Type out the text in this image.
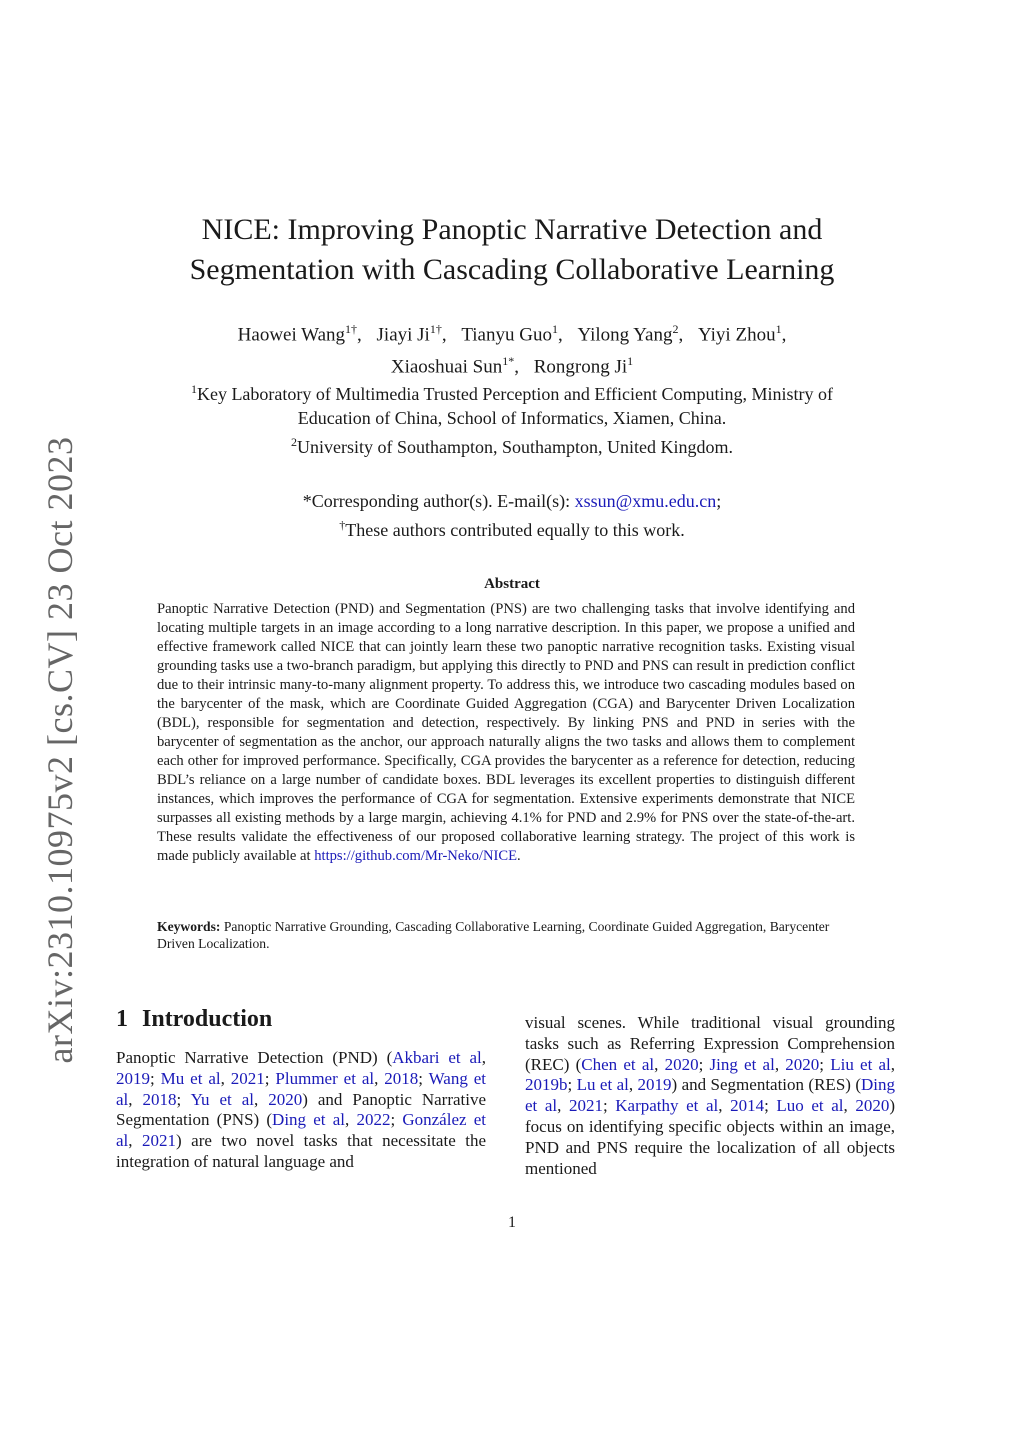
arXiv:2310.10975v2 [cs.CV] 23 Oct 2023
NICE: Improving Panoptic Narrative Detection and
Segmentation with Cascading Collaborative Learning
Haowei Wang$^{1\dagger}$, Jiayi $Ji^{1\dagger}$, Tianyu Guo$^1$, Yilong Yang$^2$, Yiyi Zhou$^1$,
Xiaoshuai Sun$^{1*}$, Rongrong Ji$^1$
$^1$Key Laboratory of Multimedia Trusted Perception and Efficient Computing, Ministry of
Education of China, School of Informatics, Xiamen, China.
$^2$University of Southampton, Southampton, United Kingdom.
*Corresponding author(s). E-mail(s): xssun@xmu.edu.cn;
†These authors contributed equally to this work.
Abstract
Panoptic Narrative Detection (PND) and Segmentation (PNS) are two challenging tasks that involve identifying and locating multiple targets in an image according to a long narrative description. In this paper, we propose a unified and effective framework called NICE that can jointly learn these two panoptic narrative recognition tasks. Existing visual grounding tasks use a two-branch paradigm, but applying this directly to PND and PNS can result in prediction conflict due to their intrinsic many-to-many alignment property. To address this, we introduce two cascading modules based on the barycenter of the mask, which are Coordinate Guided Aggregation (CGA) and Barycenter Driven Localization (BDL), responsible for segmentation and detection, respectively. By linking PNS and PND in series with the barycenter of segmentation as the anchor, our approach naturally aligns the two tasks and allows them to complement each other for improved performance. Specifically, CGA provides the barycenter as a reference for detection, reducing BDL’s reliance on a large number of candidate boxes. BDL leverages its excellent properties to distinguish different instances, which improves the performance of CGA for segmentation. Extensive experiments demonstrate that NICE surpasses all existing methods by a large margin, achieving 4.1% for PND and 2.9% for PNS over the state-of-the-art. These results validate the effectiveness of our proposed collaborative learning strategy. The project of this work is made publicly available at https://github.com/Mr-Neko/NICE.
Keywords: Panoptic Narrative Grounding, Cascading Collaborative Learning, Coordinate Guided Aggregation, Barycenter Driven Localization.
1 Introduction
Panoptic Narrative Detection (PND) (Akbari et al, 2019; Mu et al, 2021; Plummer et al, 2018; Wang et al, 2018; Yu et al, 2020) and Panoptic Narrative Segmentation (PNS) (Ding et al, 2022; González et al, 2021) are two novel tasks that necessitate the integration of natural language and
visual scenes. While traditional visual grounding tasks such as Referring Expression Comprehension (REC) (Chen et al, 2020; Jing et al, 2020; Liu et al, 2019b; Lu et al, 2019) and Segmentation (RES) (Ding et al, 2021; Karpathy et al, 2014; Luo et al, 2020) focus on identifying specific objects within an image, PND and PNS require the localization of all objects mentioned
1
